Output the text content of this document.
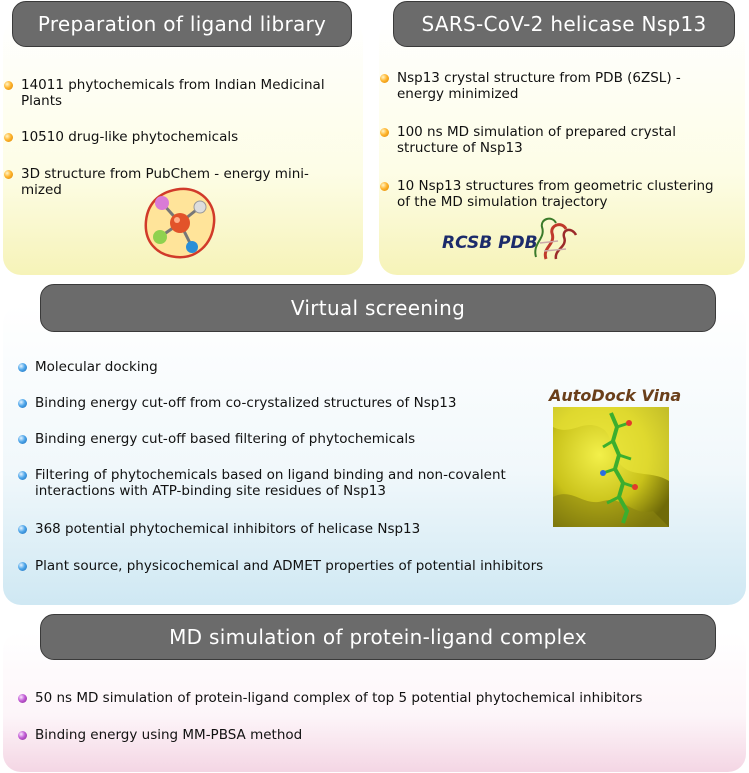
Preparation of ligand library	SARS-CoV-2 helicase Nsp13
Virtual screening
MD simulation of protein-ligand complex
14011 phytochemicals from Indian Medicinal Plants
10510 drug-like phytochemicals
3D structure from PubChem - energy mini-mized
Nsp13 crystal structure from PDB (6ZSL) - energy minimized
100 ns MD simulation of prepared crystal structure of Nsp13
10 Nsp13 structures from geometric clustering of the MD simulation trajectory
RCSB PDB
Molecular docking
Binding energy cut-off from co-crystalized structures of Nsp13
Binding energy cut-off based filtering of phytochemicals
Filtering of phytochemicals based on ligand binding and non-covalent interactions with ATP-binding site residues of Nsp13
368 potential phytochemical inhibitors of helicase Nsp13
Plant source, physicochemical and ADMET properties of potential inhibitors
AutoDock Vina
50 ns MD simulation of protein-ligand complex of top 5 potential phytochemical inhibitors
Binding energy using MM-PBSA method
